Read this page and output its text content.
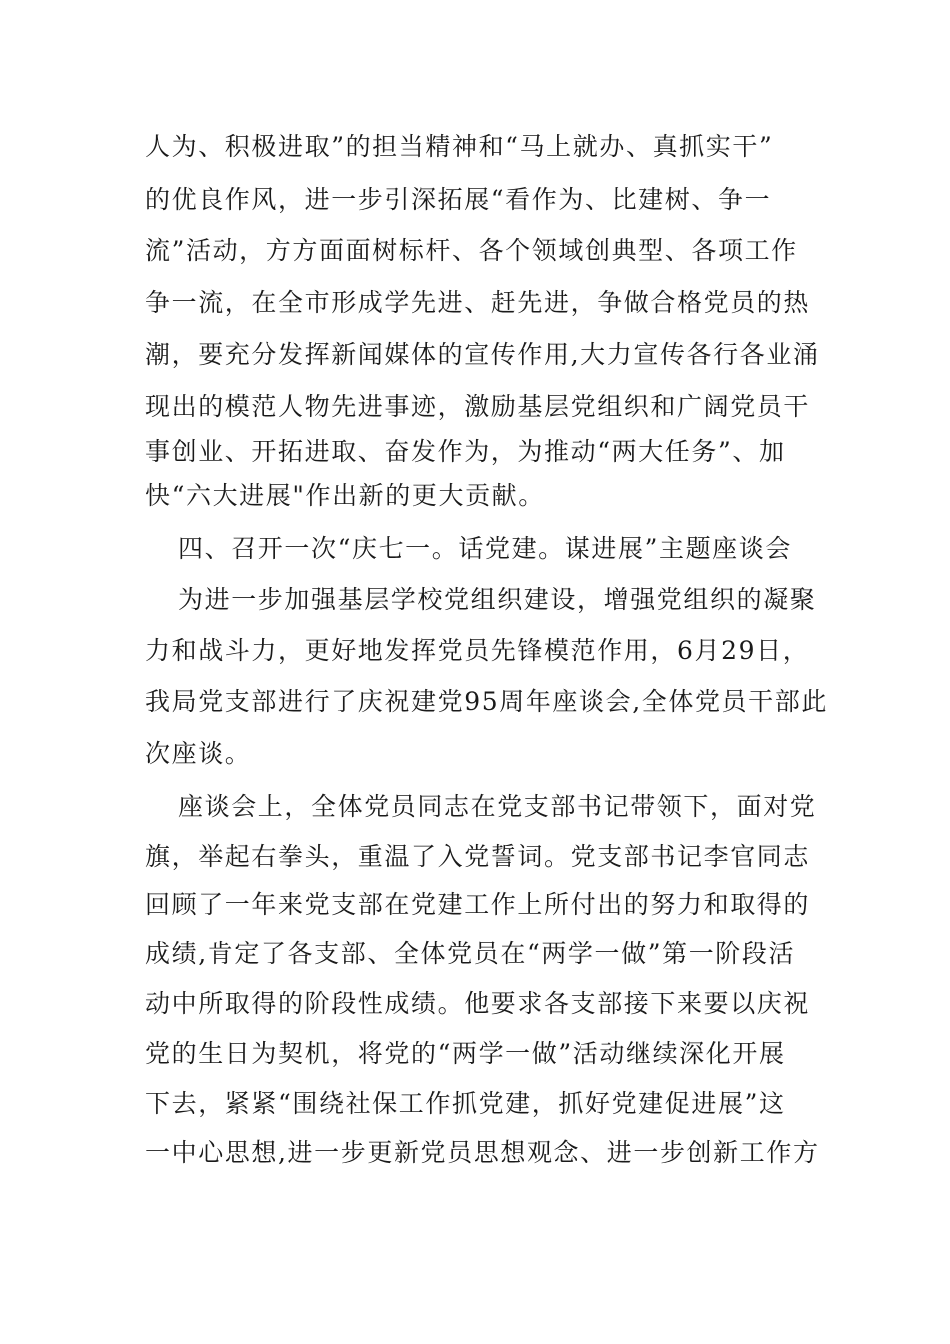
人为、积极进取”的担当精神和“马上就办、真抓实干”
的优良作风，进一步引深拓展“看作为、比建树、争一
流”活动，方方面面树标杆、各个领域创典型、各项工作
争一流，在全市形成学先进、赶先进，争做合格党员的热
潮，要充分发挥新闻媒体的宣传作用,大力宣传各行各业涌
现出的模范人物先进事迹，激励基层党组织和广阔党员干
事创业、开拓进取、奋发作为，为推动“两大任务”、加
快“六大进展"作出新的更大贡献。
四、召开一次“庆七一。话党建。谋进展”主题座谈会
为进一步加强基层学校党组织建设，增强党组织的凝聚
力和战斗力，更好地发挥党员先锋模范作用，6月29日，
我局党支部进行了庆祝建党95周年座谈会,全体党员干部此
次座谈。
座谈会上，全体党员同志在党支部书记带领下，面对党
旗，举起右拳头，重温了入党誓词。党支部书记李官同志
回顾了一年来党支部在党建工作上所付出的努力和取得的
成绩,肯定了各支部、全体党员在“两学一做”第一阶段活
动中所取得的阶段性成绩。他要求各支部接下来要以庆祝
党的生日为契机，将党的“两学一做”活动继续深化开展
下去，紧紧“围绕社保工作抓党建，抓好党建促进展”这
一中心思想,进一步更新党员思想观念、进一步创新工作方
